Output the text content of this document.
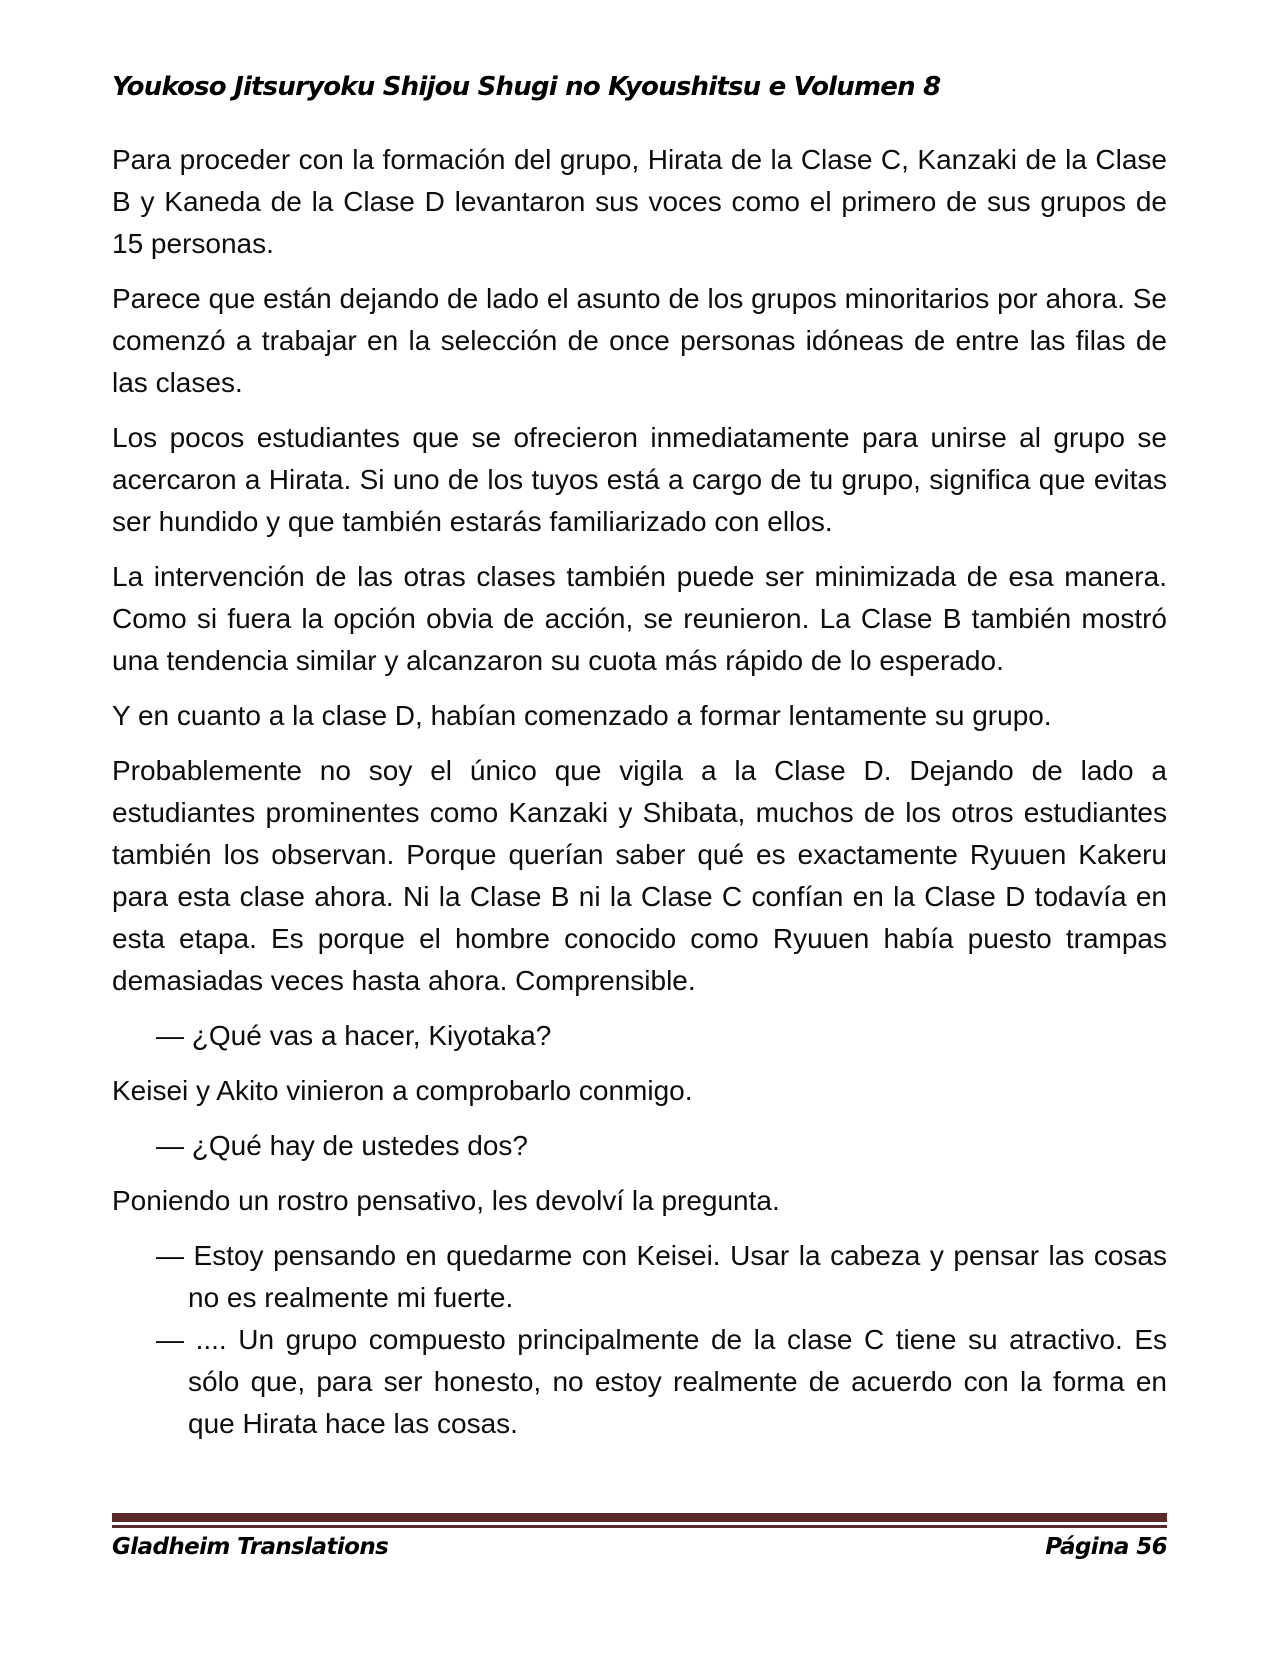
Youkoso Jitsuryoku Shijou Shugi no Kyoushitsu e Volumen 8

Para proceder con la formación del grupo, Hirata de la Clase C, Kanzaki de la Clase B y Kaneda de la Clase D levantaron sus voces como el primero de sus grupos de 15 personas.

Parece que están dejando de lado el asunto de los grupos minoritarios por ahora. Se comenzó a trabajar en la selección de once personas idóneas de entre las filas de las clases.

Los pocos estudiantes que se ofrecieron inmediatamente para unirse al grupo se acercaron a Hirata. Si uno de los tuyos está a cargo de tu grupo, significa que evitas ser hundido y que también estarás familiarizado con ellos.

La intervención de las otras clases también puede ser minimizada de esa manera. Como si fuera la opción obvia de acción, se reunieron. La Clase B también mostró una tendencia similar y alcanzaron su cuota más rápido de lo esperado.

Y en cuanto a la clase D, habían comenzado a formar lentamente su grupo.

Probablemente no soy el único que vigila a la Clase D. Dejando de lado a estudiantes prominentes como Kanzaki y Shibata, muchos de los otros estudiantes también los observan. Porque querían saber qué es exactamente Ryuuen Kakeru para esta clase ahora. Ni la Clase B ni la Clase C confían en la Clase D todavía en esta etapa. Es porque el hombre conocido como Ryuuen había puesto trampas demasiadas veces hasta ahora. Comprensible.

— ¿Qué vas a hacer, Kiyotaka?

Keisei y Akito vinieron a comprobarlo conmigo.

— ¿Qué hay de ustedes dos?

Poniendo un rostro pensativo, les devolví la pregunta.

— Estoy pensando en quedarme con Keisei. Usar la cabeza y pensar las cosas no es realmente mi fuerte.

— .... Un grupo compuesto principalmente de la clase C tiene su atractivo. Es sólo que, para ser honesto, no estoy realmente de acuerdo con la forma en que Hirata hace las cosas.

Gladheim Translations	Página 56
